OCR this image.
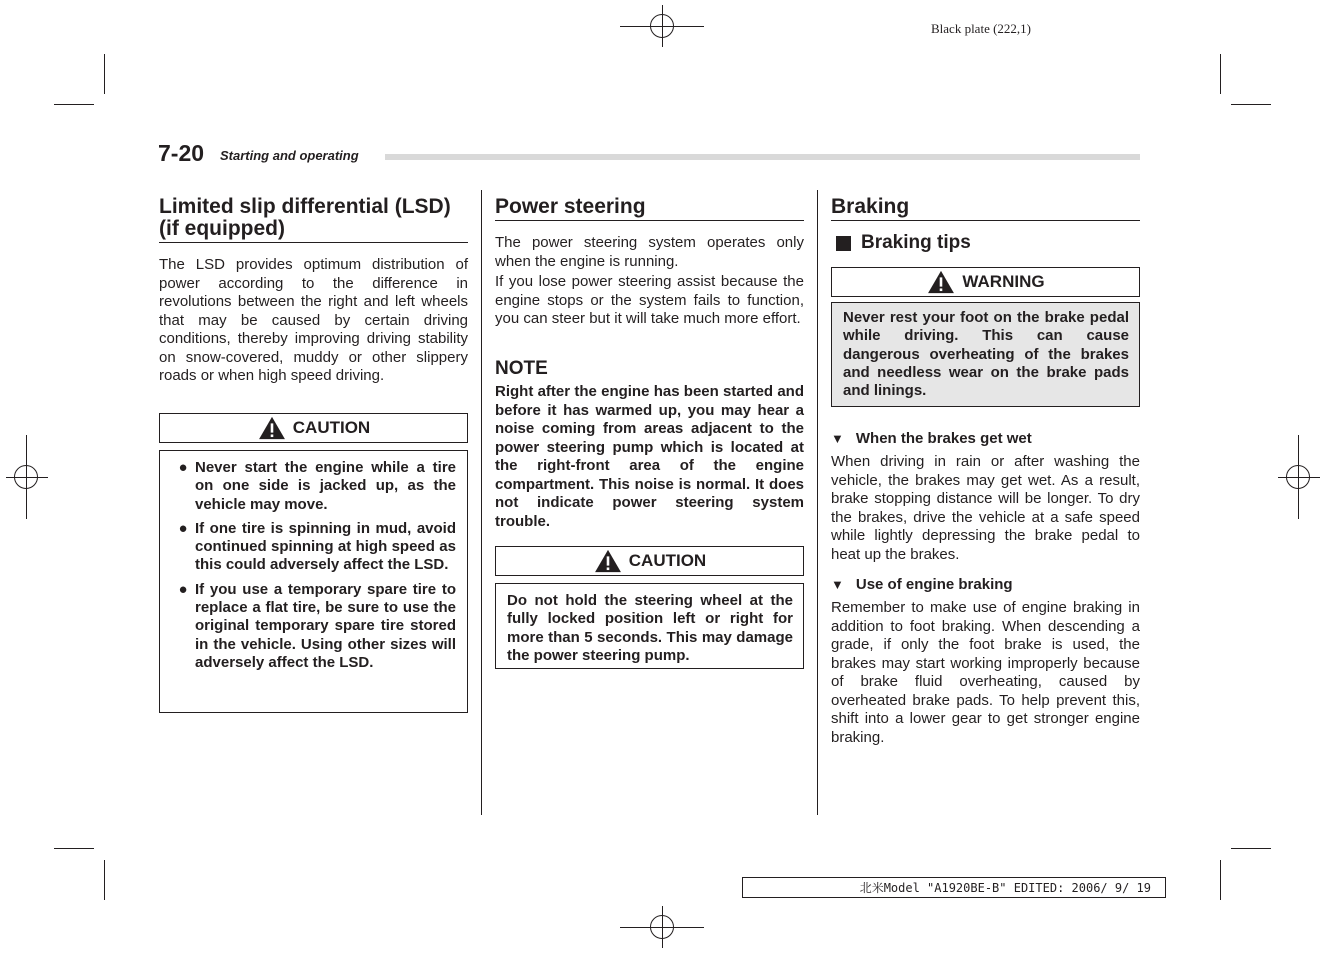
Black plate (222,1)
7-20 Starting and operating
Limited slip differential (LSD)
(if equipped)

The LSD provides optimum distribution of power according to the difference in revolutions between the right and left wheels that may be caused by certain driving conditions, thereby improving driving stability on snow-covered, muddy or other slippery roads or when high speed driving.

CAUTION
● Never start the engine while a tire on one side is jacked up, as the vehicle may move.
● If one tire is spinning in mud, avoid continued spinning at high speed as this could adversely affect the LSD.
● If you use a temporary spare tire to replace a flat tire, be sure to use the original temporary spare tire stored in the vehicle. Using other sizes will adversely affect the LSD.
Power steering

The power steering system operates only when the engine is running.

If you lose power steering assist because the engine stops or the system fails to function, you can steer but it will take much more effort.

NOTE

Right after the engine has been started and before it has warmed up, you may hear a noise coming from areas adjacent to the power steering pump which is located at the right-front area of the engine compartment. This noise is normal. It does not indicate power steering system trouble.

CAUTION
Do not hold the steering wheel at the fully locked position left or right for more than 5 seconds. This may damage the power steering pump.
Braking
Braking tips
WARNING
Never rest your foot on the brake pedal while driving. This can cause dangerous overheating of the brakes and needless wear on the brake pads and linings.
▼ When the brakes get wet

When driving in rain or after washing the vehicle, the brakes may get wet. As a result, brake stopping distance will be longer. To dry the brakes, drive the vehicle at a safe speed while lightly depressing the brake pedal to heat up the brakes.

▼ Use of engine braking

Remember to make use of engine braking in addition to foot braking. When descending a grade, if only the foot brake is used, the brakes may start working improperly because of brake fluid overheating, caused by overheated brake pads. To help prevent this, shift into a lower gear to get stronger engine braking.

北米Model "A1920BE-B" EDITED: 2006/ 9/ 19
